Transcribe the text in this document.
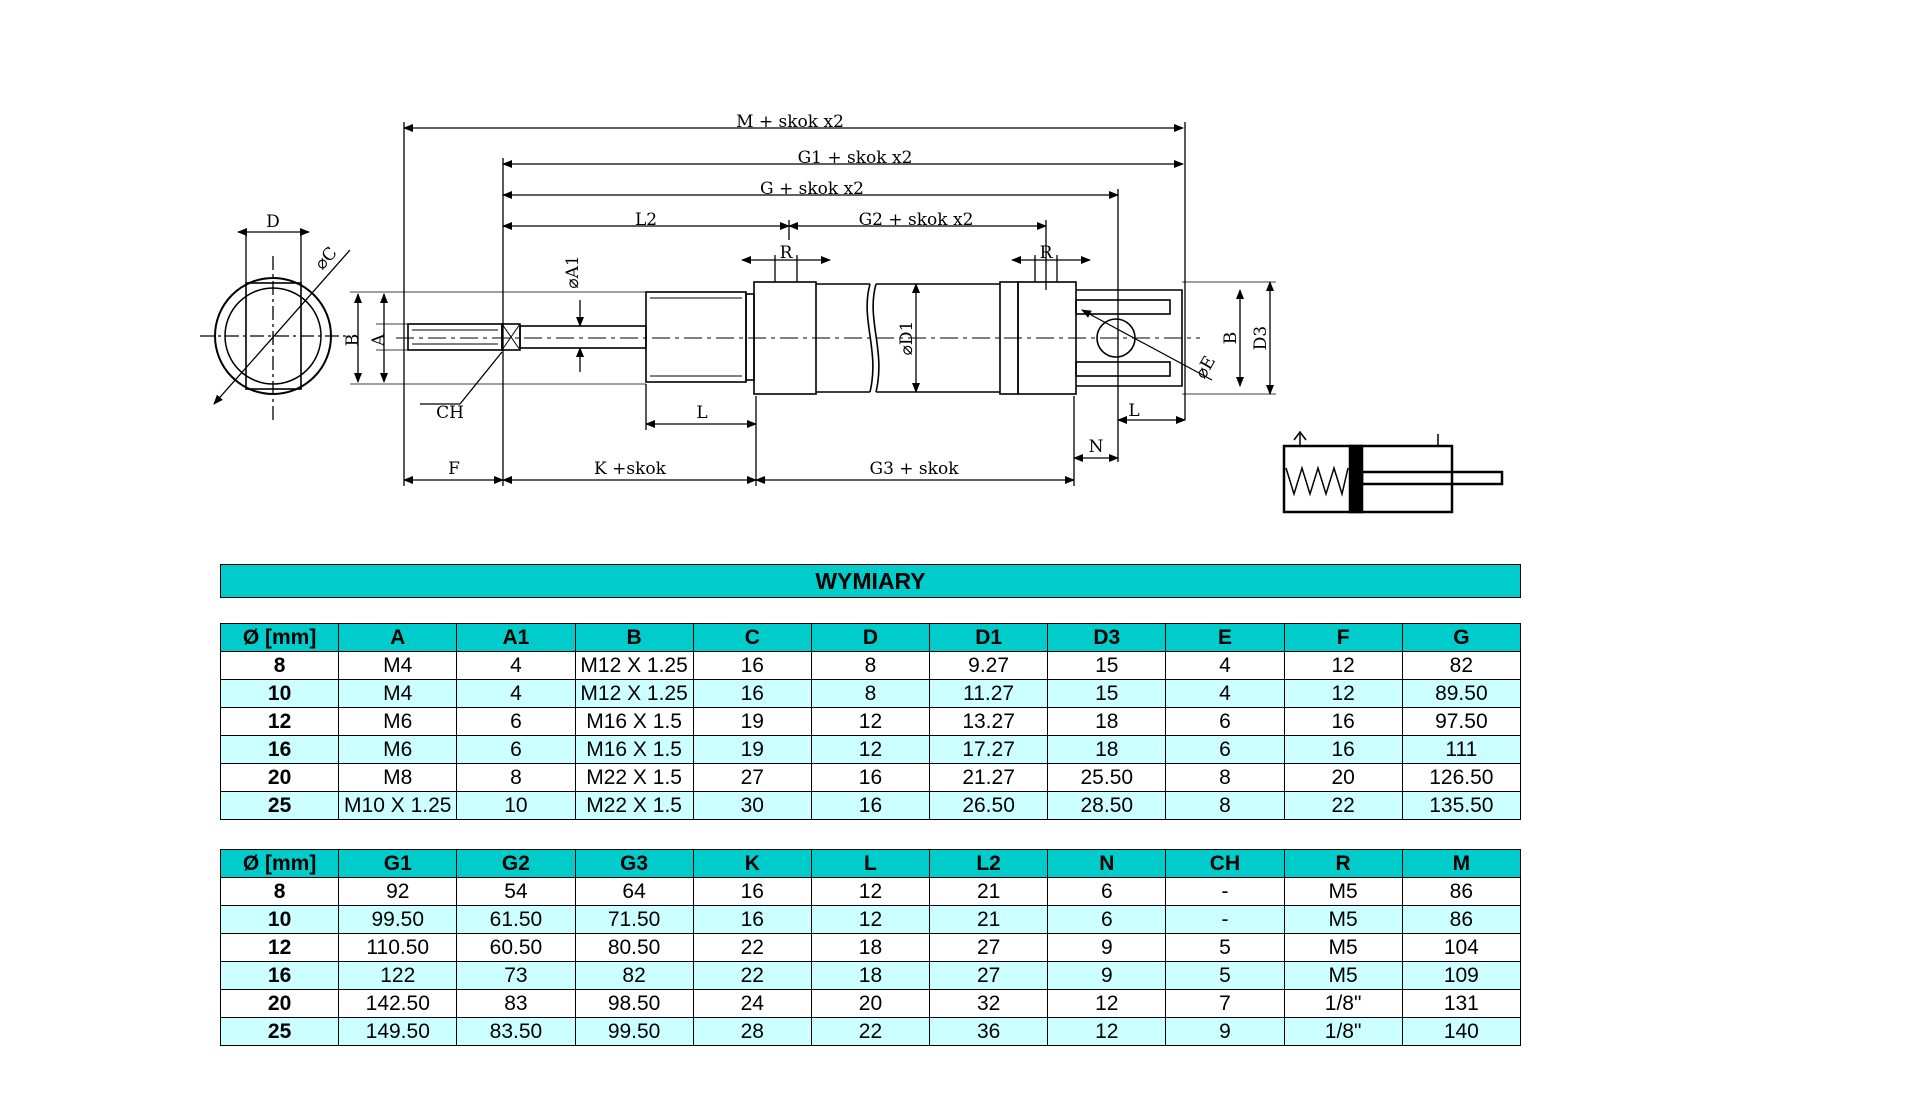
M + skok x2
G1 + skok x2
G + skok x2
L2	G2 + skok x2
R	R
D
⌀C
B A
⌀A1
⌀D1	B D3
⌀E
CH	L	L
N
F	K +skok	G3 + skok
WYMIARY
Ø [mm]	A	A1	B	C	D	D1	D3	E	F	G
8	M4	4	M12 X 1.25	16	8	9.27	15	4	12	82
10	M4	4	M12 X 1.25	16	8	11.27	15	4	12	89.50
12	M6	6	M16 X 1.5	19	12	13.27	18	6	16	97.50
16	M6	6	M16 X 1.5	19	12	17.27	18	6	16	111
20	M8	8	M22 X 1.5	27	16	21.27	25.50	8	20	126.50
25	M10 X 1.25	10	M22 X 1.5	30	16	26.50	28.50	8	22	135.50
Ø [mm]	G1	G2	G3	K	L	L2	N	CH	R	M
8	92	54	64	16	12	21	6	-	M5	86
10	99.50	61.50	71.50	16	12	21	6	-	M5	86
12	110.50	60.50	80.50	22	18	27	9	5	M5	104
16	122	73	82	22	18	27	9	5	M5	109
20	142.50	83	98.50	24	20	32	12	7	1/8"	131
25	149.50	83.50	99.50	28	22	36	12	9	1/8"	140
